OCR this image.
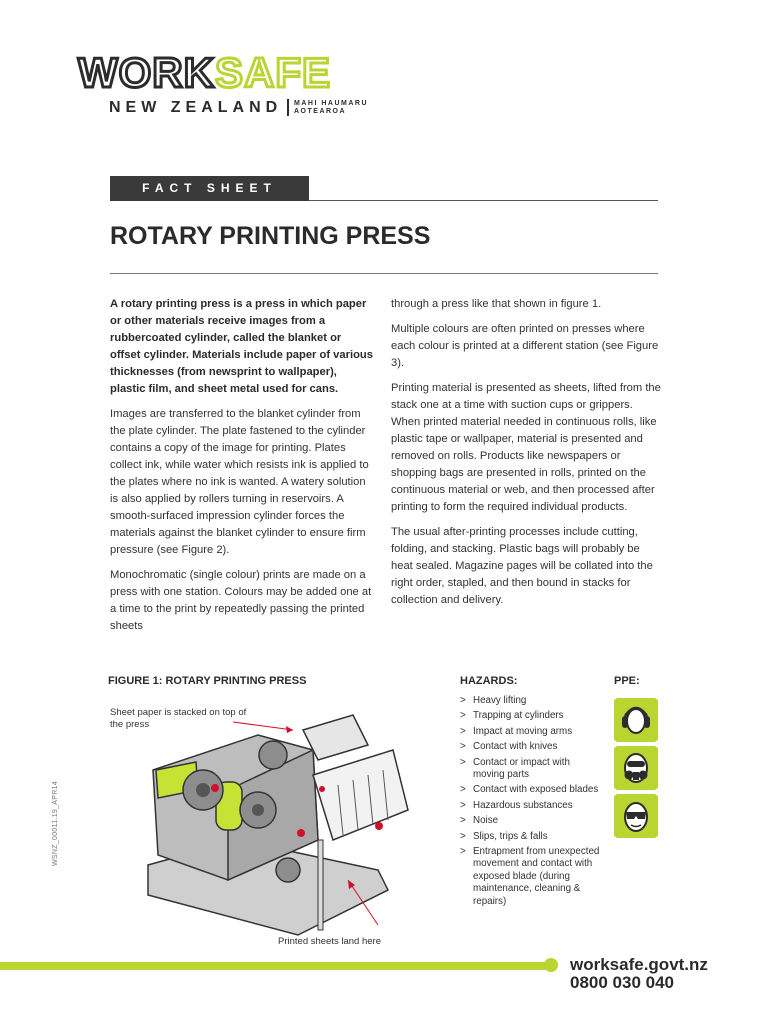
WORKSAFE
NEW ZEALAND MAHI HAUMARU
AOTEAROA
FACT SHEET
ROTARY PRINTING PRESS

A rotary printing press is a press in which paper or other materials receive images from a rubbercoated cylinder, called the blanket or offset cylinder. Materials include paper of various thicknesses (from newsprint to wallpaper), plastic film, and sheet metal used for cans.

Images are transferred to the blanket cylinder from the plate cylinder. The plate fastened to the cylinder contains a copy of the image for printing. Plates collect ink, while water which resists ink is applied to the plates where no ink is wanted. A watery solution is also applied by rollers turning in reservoirs. A smooth-surfaced impression cylinder forces the materials against the blanket cylinder to ensure firm pressure (see Figure 2).

Monochromatic (single colour) prints are made on a press with one station. Colours may be added one at a time to the print by repeatedly passing the printed sheets

through a press like that shown in figure 1.

Multiple colours are often printed on presses where each colour is printed at a different station (see Figure 3).

Printing material is presented as sheets, lifted from the stack one at a time with suction cups or grippers. When printed material needed in continuous rolls, like plastic tape or wallpaper, material is presented and removed on rolls. Products like newspapers or shopping bags are presented in rolls, printed on the continuous material or web, and then processed after printing to form the required individual products.

The usual after-printing processes include cutting, folding, and stacking. Plastic bags will probably be heat sealed. Magazine pages will be collated into the right order, stapled, and then bound in stacks for collection and delivery.

FIGURE 1: ROTARY PRINTING PRESS
Sheet paper is stacked on top of the press
Printed sheets land here
WSNZ_00011.19_APR14
HAZARDS:
> Heavy lifting
> Trapping at cylinders
> Impact at moving arms
> Contact with knives
> Contact or impact with moving parts
> Contact with exposed blades
> Hazardous substances
> Noise
> Slips, trips & falls
> Entrapment from unexpected movement and contact with exposed blade (during maintenance, cleaning & repairs)
PPE:
worksafe.govt.nz
0800 030 040
